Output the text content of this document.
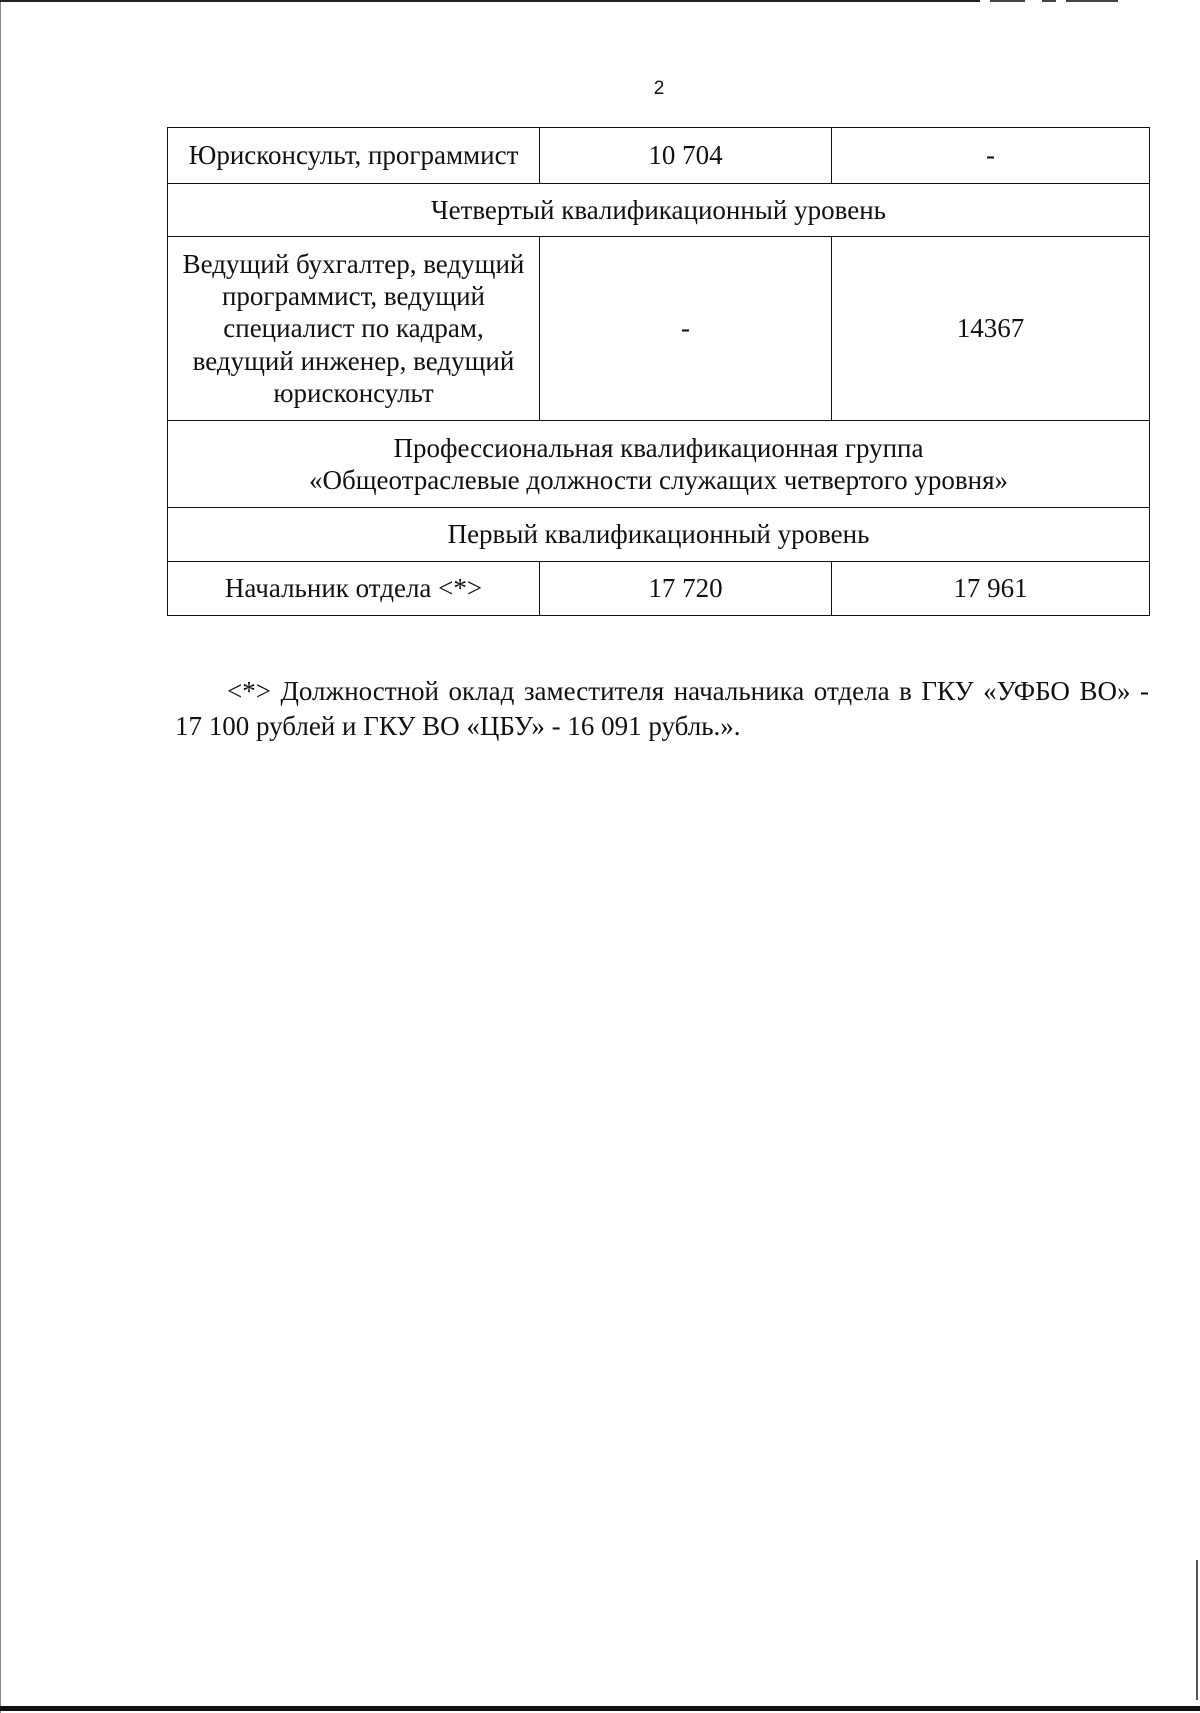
2
Юрисконсульт, программист	10 704	-
Четвертый квалификационный уровень		
Ведущий бухгалтер, ведущий программист, ведущий специалист по кадрам, ведущий инженер, ведущий юрисконсульт	-	14367

Профессиональная квалификационная группа
«Общеотраслевые должности служащих четвертого уровня»		

Первый квалификационный уровень		
Начальник отдела <*>	17 720	17 961
<*> Должностной оклад заместителя начальника отдела в ГКУ «УФБО ВО» - 17 100 рублей и ГКУ ВО «ЦБУ» - 16 091 рубль.».
